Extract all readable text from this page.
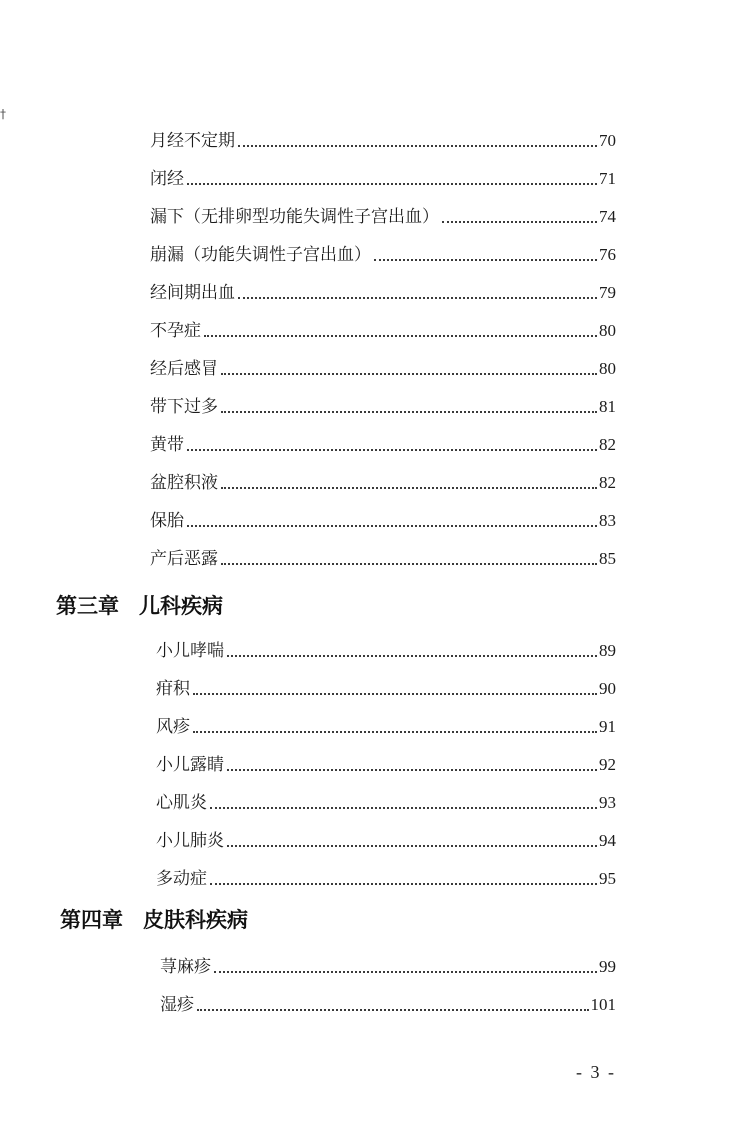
†
月经不定期	70
闭经	71
漏下（无排卵型功能失调性子宫出血）	74
崩漏（功能失调性子宫出血）	76
经间期出血	79
不孕症	80
经后感冒	80
带下过多	81
黄带	82
盆腔积液	82
保胎	83
产后恶露	85
第三章 儿科疾病
小儿哮喘	89
疳积	90
风疹	91
小儿露睛	92
心肌炎	93
小儿肺炎	94
多动症	95
第四章 皮肤科疾病
荨麻疹	99
湿疹	101
- 3 -
